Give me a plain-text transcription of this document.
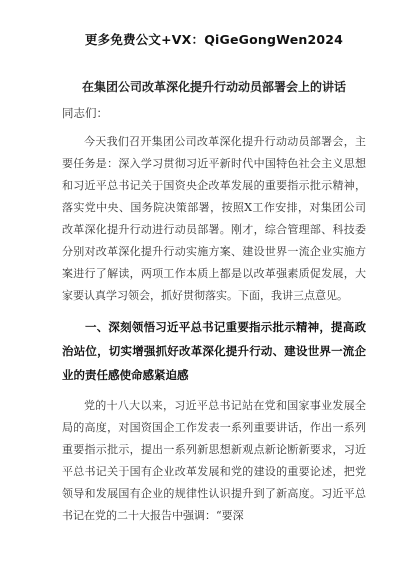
更多免费公文+VX：QiGeGongWen2024
在集团公司改革深化提升行动动员部署会上的讲话
同志们：

今天我们召开集团公司改革深化提升行动动员部署会，主要任务是：深入学习贯彻习近平新时代中国特色社会主义思想和习近平总书记关于国资央企改革发展的重要指示批示精神，落实党中央、国务院决策部署，按照X工作安排，对集团公司改革深化提升行动进行动员部署。刚才，综合管理部、科技委分别对改革深化提升行动实施方案、建设世界一流企业实施方案进行了解读，两项工作本质上都是以改革强素质促发展，大家要认真学习领会，抓好贯彻落实。下面，我讲三点意见。

一、深刻领悟习近平总书记重要指示批示精神，提高政治站位，切实增强抓好改革深化提升行动、建设世界一流企业的责任感使命感紧迫感

党的十八大以来，习近平总书记站在党和国家事业发展全局的高度，对国资国企工作发表一系列重要讲话，作出一系列重要指示批示，提出一系列新思想新观点新论断新要求，习近平总书记关于国有企业改革发展和党的建设的重要论述，把党领导和发展国有企业的规律性认识提升到了新高度。习近平总书记在党的二十大报告中强调：“要深
